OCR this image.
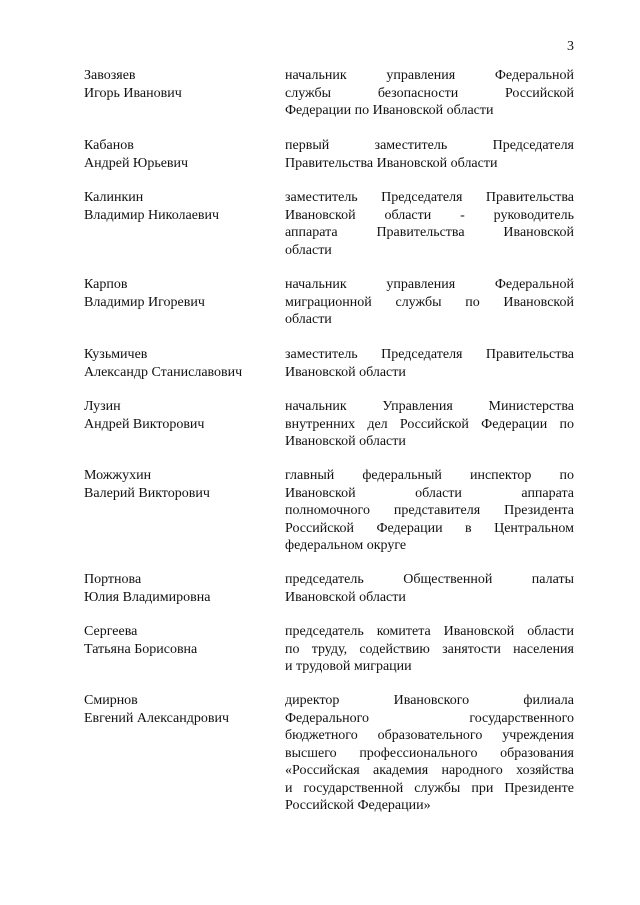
3
Завозяев
Игорь Иванович
начальник управления Федеральной
службы безопасности Российской
Федерации по Ивановской области
Кабанов
Андрей Юрьевич
первый заместитель Председателя
Правительства Ивановской области
Калинкин
Владимир Николаевич
заместитель Председателя Правительства
Ивановской области - руководитель
аппарата Правительства Ивановской
области
Карпов
Владимир Игоревич
начальник управления Федеральной
миграционной службы по Ивановской
области
Кузьмичев
Александр Станиславович
заместитель Председателя Правительства
Ивановской области
Лузин
Андрей Викторович
начальник Управления Министерства
внутренних дел Российской Федерации по
Ивановской области
Можжухин
Валерий Викторович
главный федеральный инспектор по
Ивановской области аппарата
полномочного представителя Президента
Российской Федерации в Центральном
федеральном округе
Портнова
Юлия Владимировна
председатель Общественной палаты
Ивановской области
Сергеева
Татьяна Борисовна
председатель комитета Ивановской области
по труду, содействию занятости населения
и трудовой миграции
Смирнов
Евгений Александрович
директор Ивановского филиала
Федерального государственного
бюджетного образовательного учреждения
высшего профессионального образования
«Российская академия народного хозяйства
и государственной службы при Президенте
Российской Федерации»
